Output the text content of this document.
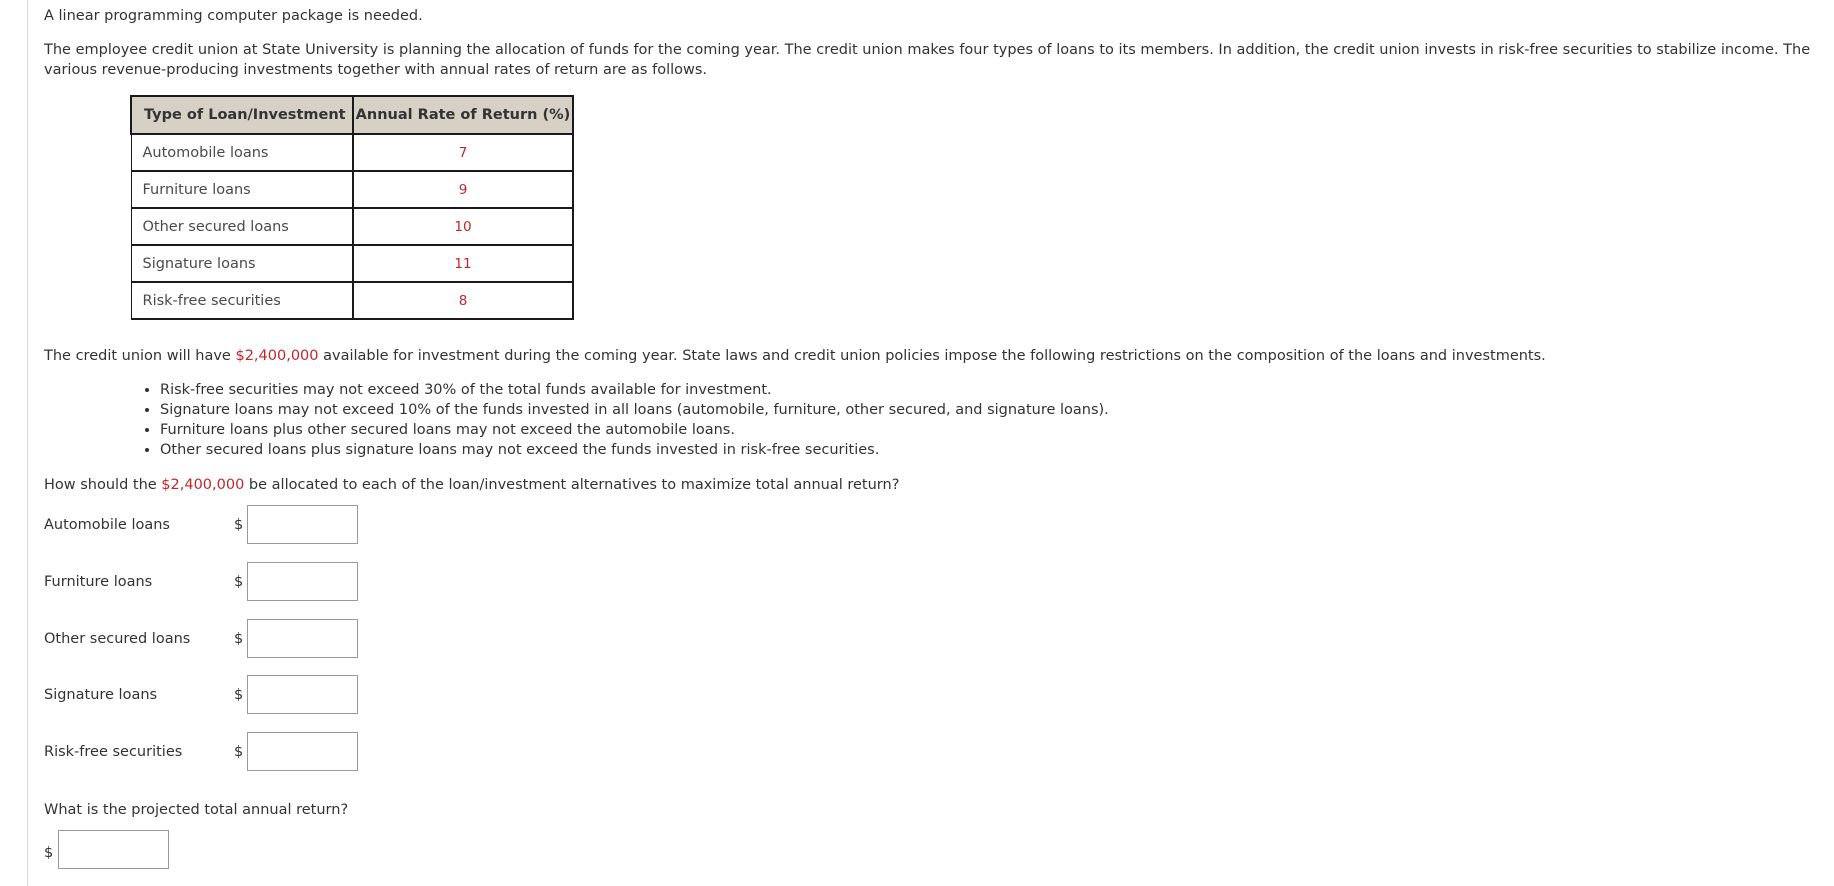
A linear programming computer package is needed.

The employee credit union at State University is planning the allocation of funds for the coming year. The credit union makes four types of loans to its members. In addition, the credit union invests in risk-free securities to stabilize income. The various revenue-producing investments together with annual rates of return are as follows.

Type of Loan/Investment	Annual Rate of Return (%)
Automobile loans	7
Furniture loans	9
Other secured loans	10
Signature loans	11
Risk-free securities	8

The credit union will have $2,400,000 available for investment during the coming year. State laws and credit union policies impose the following restrictions on the composition of the loans and investments.

• Risk-free securities may not exceed 30% of the total funds available for investment.
• Signature loans may not exceed 10% of the funds invested in all loans (automobile, furniture, other secured, and signature loans).
• Furniture loans plus other secured loans may not exceed the automobile loans.
• Other secured loans plus signature loans may not exceed the funds invested in risk-free securities.

How should the $2,400,000 be allocated to each of the loan/investment alternatives to maximize total annual return?

Automobile loans	$
Furniture loans	$
Other secured loans	$
Signature loans	$
Risk-free securities	$

What is the projected total annual return?

$
